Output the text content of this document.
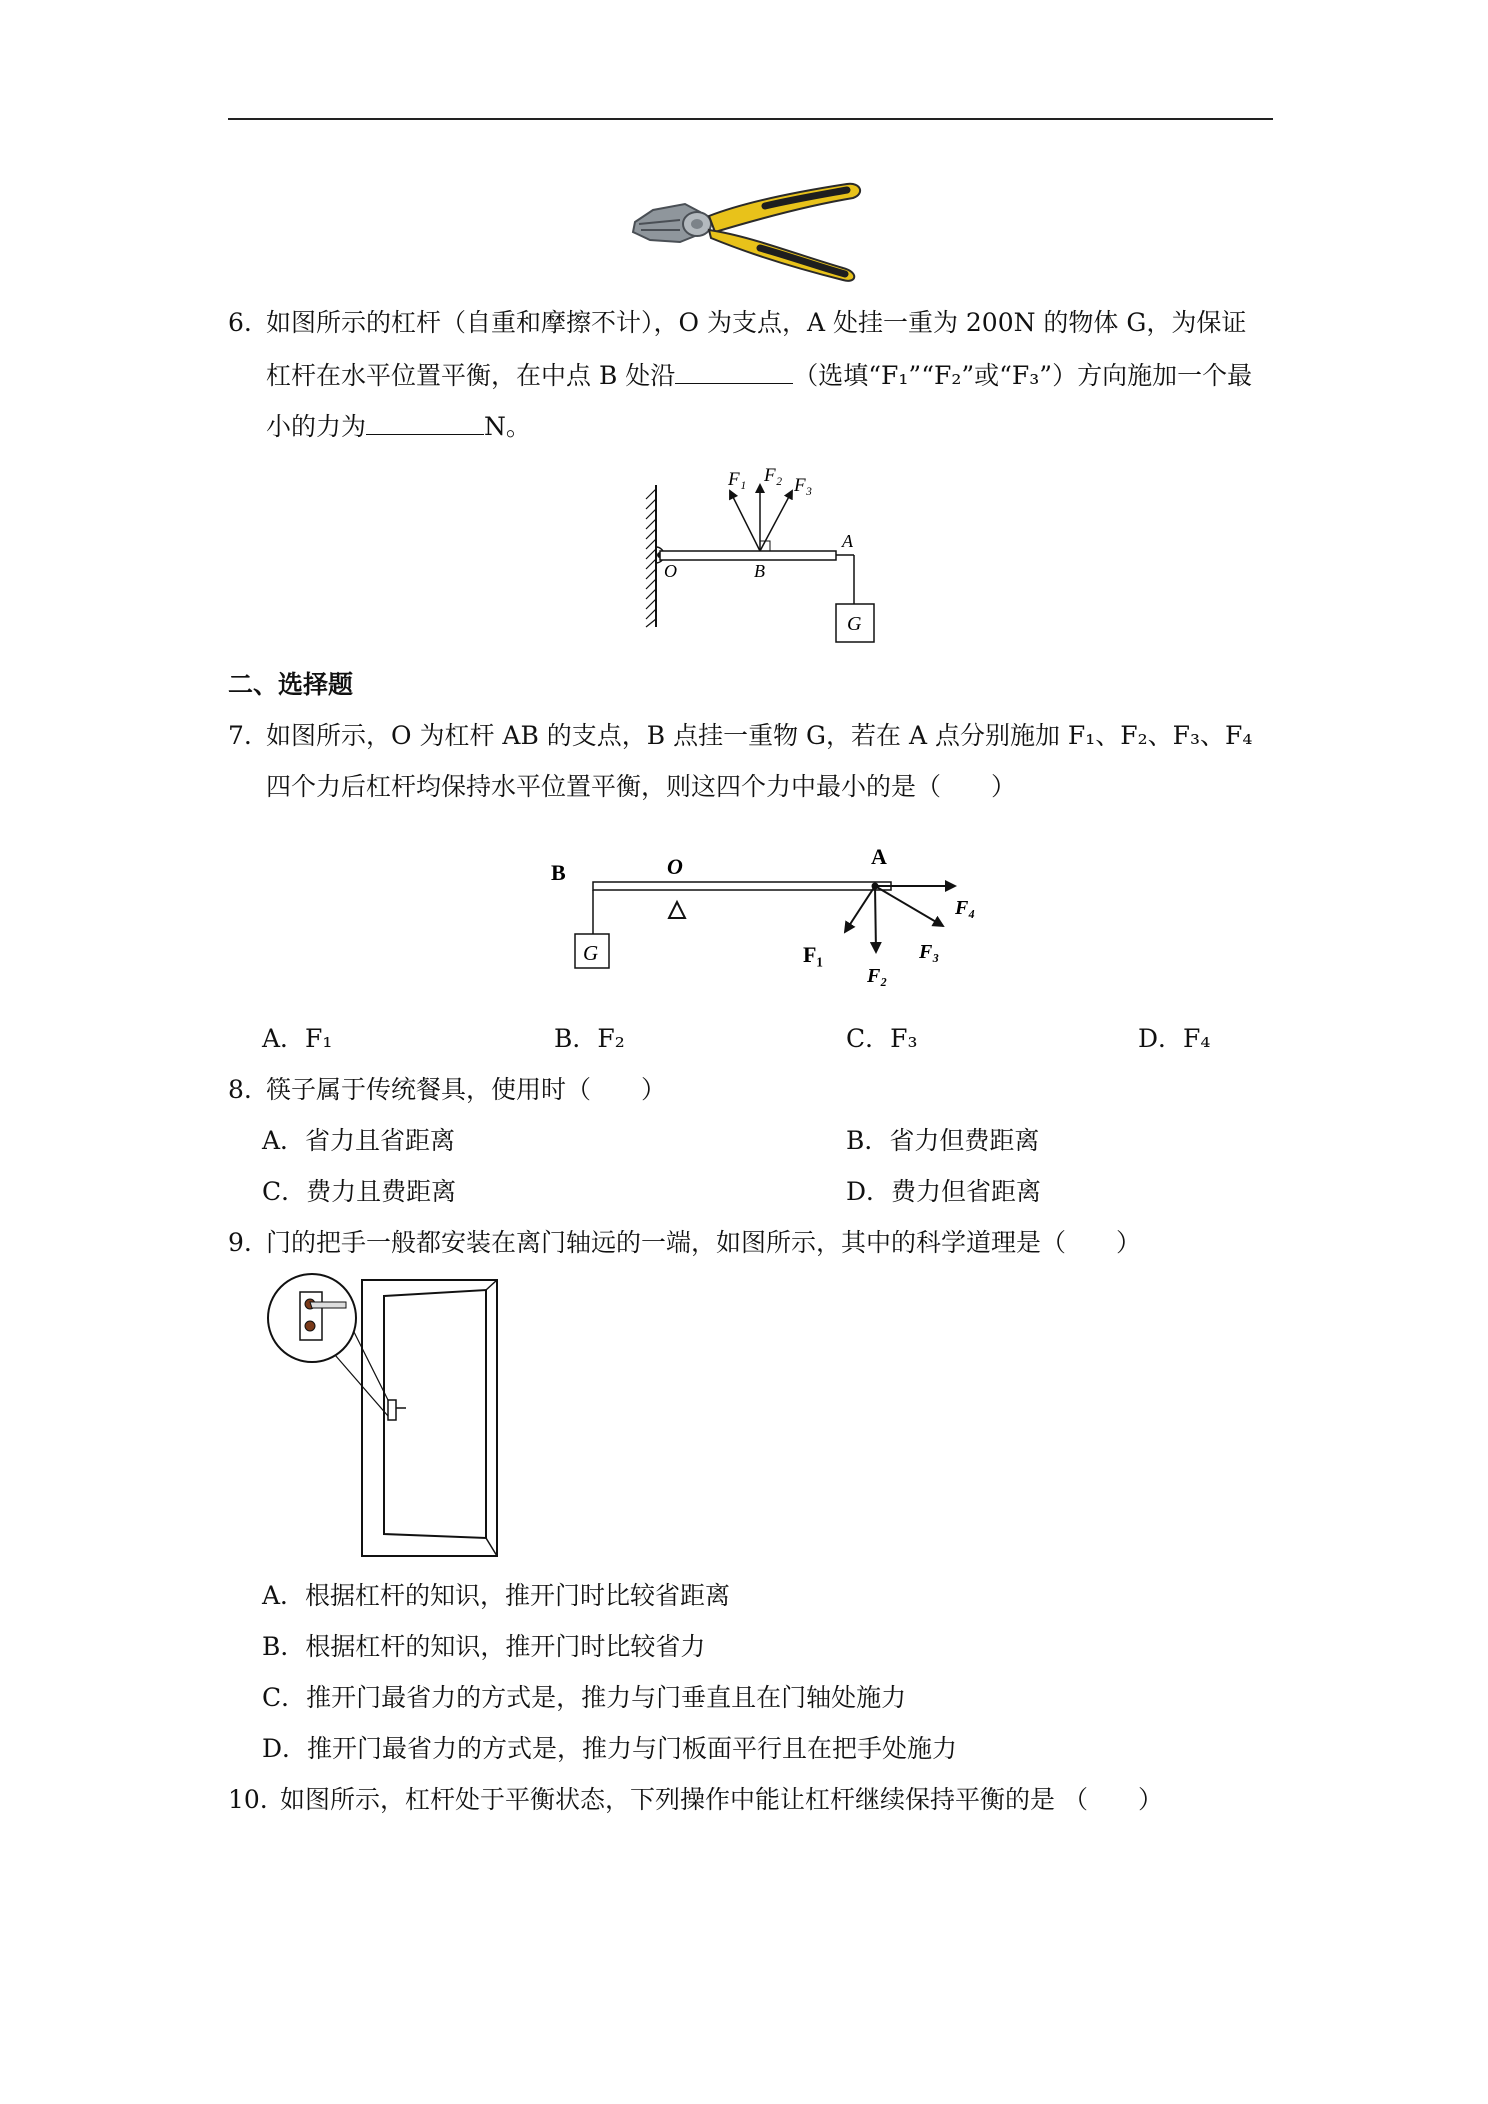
6. 如图所示的杠杆（自重和摩擦不计），O 为支点，A 处挂一重为 200N 的物体 G，为保证
杠杆在水平位置平衡，在中点 B 处沿	（选填“F₁”“F₂”或“F₃”）方向施加一个最
小的力为	N。
F₁ F₂ F₃
O	B
A
G
二、选择题
7. 如图所示，O 为杠杆 AB 的支点，B 点挂一重物 G，若在 A 点分别施加 F₁、F₂、F₃、F₄
四个力后杠杆均保持水平位置平衡，则这四个力中最小的是（　　）
B	O	A
G	F₁
F₂
F₃
F₄
A．F₁	B．F₂	C．F₃	D．F₄
8. 筷子属于传统餐具，使用时（　　）
A．省力且省距离	B．省力但费距离
C．费力且费距离	D．费力但省距离
9. 门的把手一般都安装在离门轴远的一端，如图所示，其中的科学道理是（　　）
A．根据杠杆的知识，推开门时比较省距离
B．根据杠杆的知识，推开门时比较省力
C．推开门最省力的方式是，推力与门垂直且在门轴处施力
D．推开门最省力的方式是，推力与门板面平行且在把手处施力
10. 如图所示，杠杆处于平衡状态，下列操作中能让杠杆继续保持平衡的是 （　　）
